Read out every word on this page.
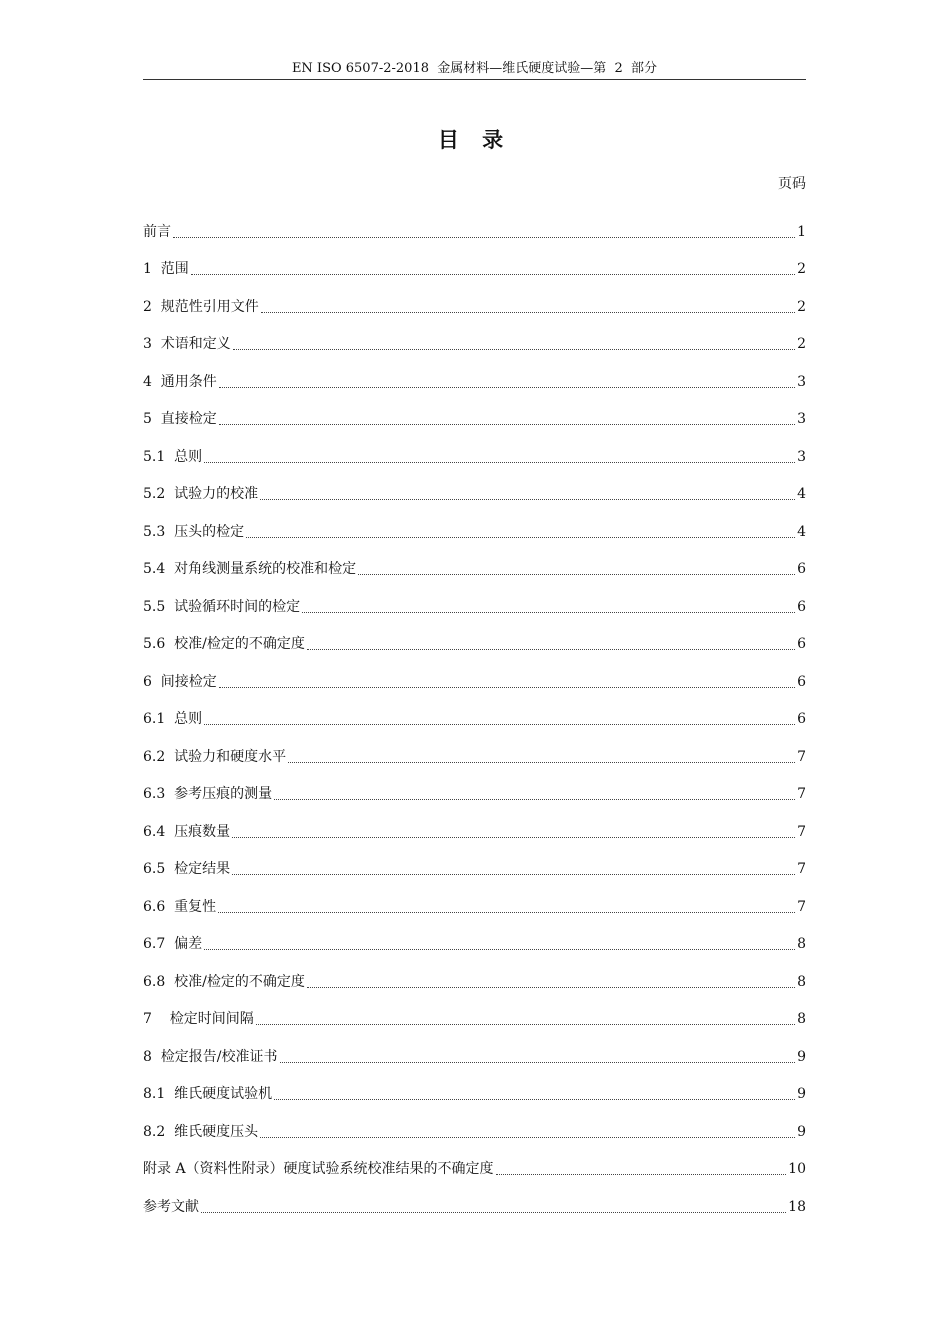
EN ISO 6507-2-2018  金属材料—维氏硬度试验—第  2  部分
目 录
页码
前言	1
1  范围	2
2  规范性引用文件	2
3  术语和定义	2
4  通用条件	3
5  直接检定	3
5.1  总则	3
5.2  试验力的校准	4
5.3  压头的检定	4
5.4  对角线测量系统的校准和检定	6
5.5  试验循环时间的检定	6
5.6  校准/检定的不确定度	6
6  间接检定	6
6.1  总则	6
6.2  试验力和硬度水平	7
6.3  参考压痕的测量	7
6.4  压痕数量	7
6.5  检定结果	7
6.6  重复性	7
6.7  偏差	8
6.8  校准/检定的不确定度	8
7    检定时间间隔	8
8  检定报告/校准证书	9
8.1  维氏硬度试验机	9
8.2  维氏硬度压头	9
附录 A（资料性附录）硬度试验系统校准结果的不确定度	10
参考文献	18
